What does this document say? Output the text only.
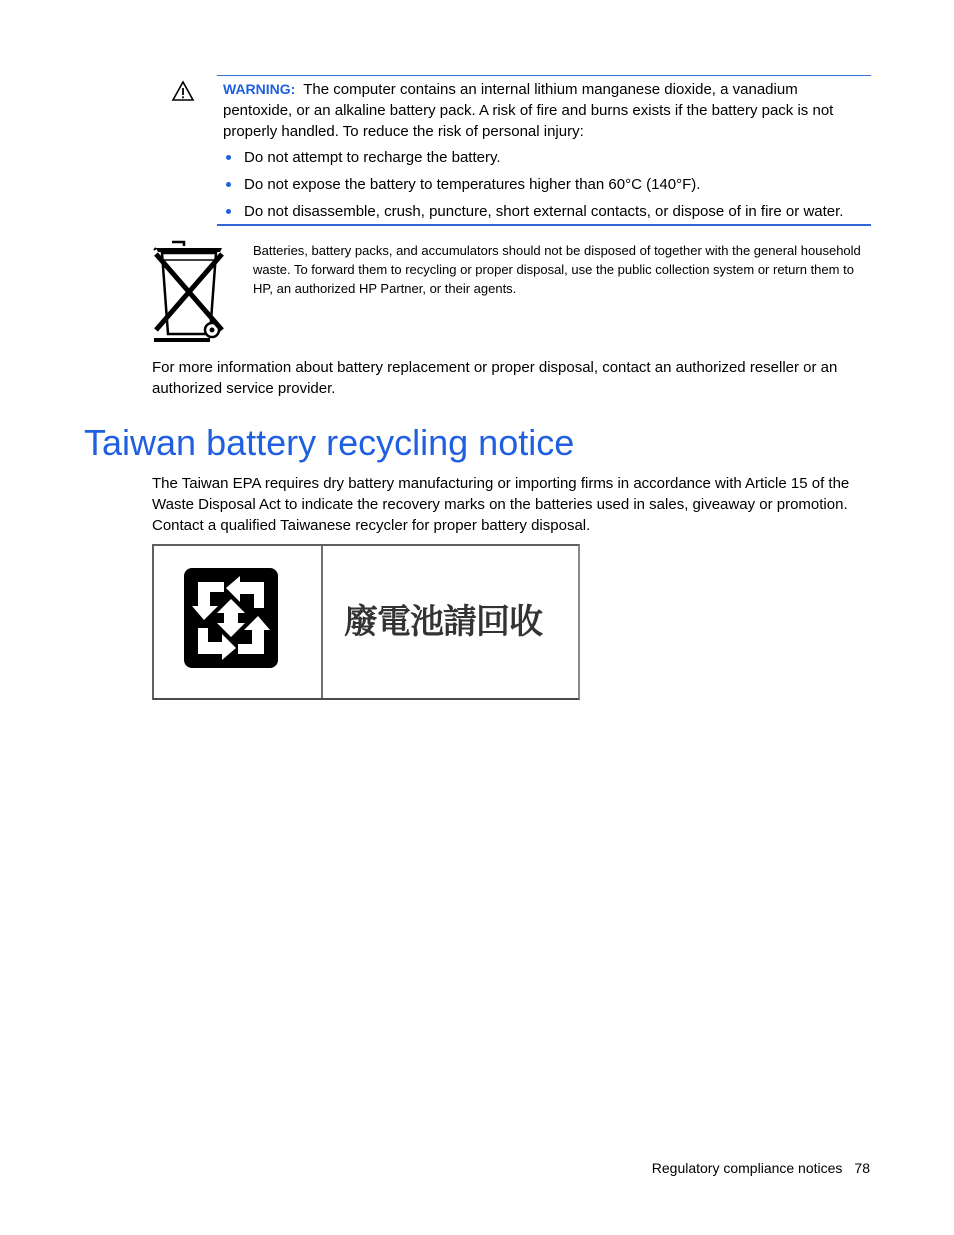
WARNING: The computer contains an internal lithium manganese dioxide, a vanadium pentoxide, or an alkaline battery pack. A risk of fire and burns exists if the battery pack is not properly handled. To reduce the risk of personal injury:
Do not attempt to recharge the battery.
Do not expose the battery to temperatures higher than 60°C (140°F).
Do not disassemble, crush, puncture, short external contacts, or dispose of in fire or water.
Batteries, battery packs, and accumulators should not be disposed of together with the general household waste. To forward them to recycling or proper disposal, use the public collection system or return them to HP, an authorized HP Partner, or their agents.
For more information about battery replacement or proper disposal, contact an authorized reseller or an authorized service provider.
Taiwan battery recycling notice
The Taiwan EPA requires dry battery manufacturing or importing firms in accordance with Article 15 of the Waste Disposal Act to indicate the recovery marks on the batteries used in sales, giveaway or promotion. Contact a qualified Taiwanese recycler for proper battery disposal.
廢電池請回收
Regulatory compliance notices 78
